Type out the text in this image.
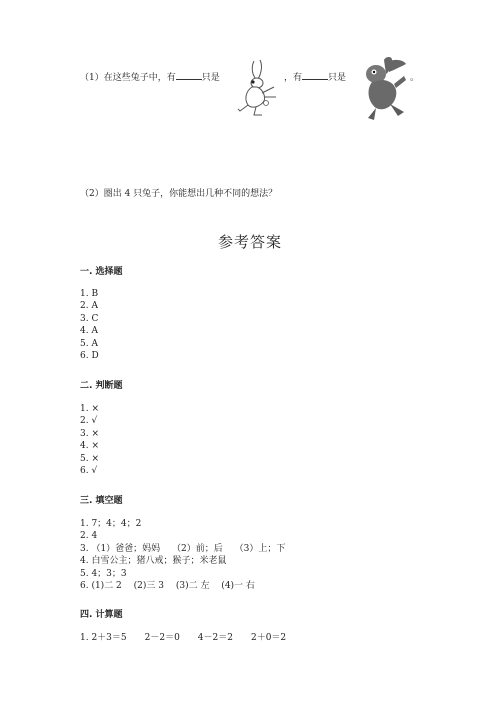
（1）在这些兔子中，有	只是	，有	只是	。
（2）圈出 4 只兔子，你能想出几种不同的想法？
参考答案
一. 选择题
1. B
2. A
3. C
4. A
5. A
6. D
二. 判断题
1. ×
2. √
3. ×
4. ×
5. ×
6. √
三. 填空题
1. 7；4；4；2
2. 4
3. （1）爸爸；妈妈　 （2）前；后　 （3）上；下
4. 白雪公主；猪八戒；猴子；米老鼠
5. 4；3；3
6. (1)二 2　 (2)三 3　 (3)二 左　 (4)一 右
四. 计算题
1. 2＋3＝5　　2－2＝0　　4－2＝2　　2＋0＝2
